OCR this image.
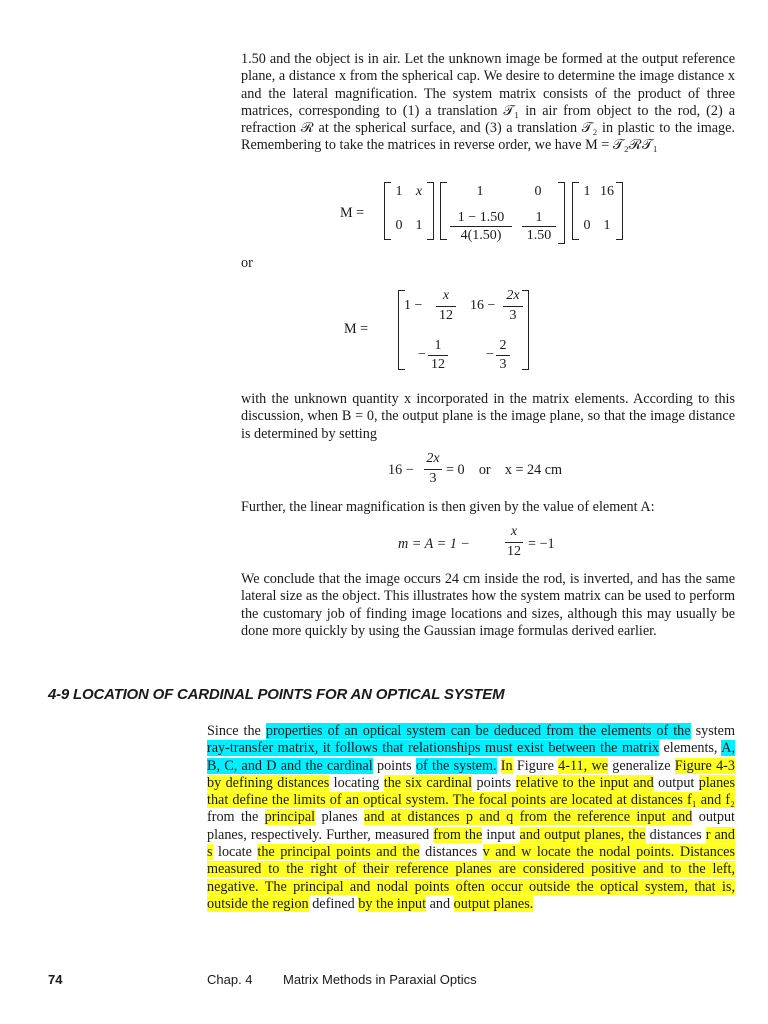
1.50 and the object is in air. Let the unknown image be formed at the output reference plane, a distance x from the spherical cap. We desire to determine the image distance x and the lateral magnification. The system matrix consists of the product of three matrices, corresponding to (1) a translation 𝒯₁ in air from object to the rod, (2) a refraction ℛ at the spherical surface, and (3) a translation 𝒯₂ in plastic to the image. Remembering to take the matrices in reverse order, we have M = 𝒯₂ℛ𝒯₁

M =
1 x
0 1
1	0
1 − 1.50
4(1.50)
1
1.50
1 16
0 1
or
M =
1 −
x
12
16 −
2x
3
−
1
12
−
2
3

with the unknown quantity x incorporated in the matrix elements. According to this discussion, when B = 0, the output plane is the image plane, so that the image distance is determined by setting

16 −
2x
3
= 0    or    x = 24 cm

Further, the linear magnification is then given by the value of element A:

m = A = 1 −
x
12 = −1

We conclude that the image occurs 24 cm inside the rod, is inverted, and has the same lateral size as the object. This illustrates how the system matrix can be used to perform the customary job of finding image locations and sizes, although this may usually be done more quickly by using the Gaussian image formulas derived earlier.

4-9 LOCATION OF CARDINAL POINTS FOR AN OPTICAL SYSTEM

Since the properties of an optical system can be deduced from the elements of the system ray-transfer matrix, it follows that relationships must exist between the matrix elements, A, B, C, and D and the cardinal points of the system. In Figure 4-11, we generalize Figure 4-3 by defining distances locating the six cardinal points relative to the input and output planes that define the limits of an optical system. The focal points are located at distances f₁ and f₂ from the principal planes and at distances p and q from the reference input and output planes, respectively. Further, measured from the input and output planes, the distances r and s locate the principal points and the distances v and w locate the nodal points. Distances measured to the right of their reference planes are considered positive and to the left, negative. The principal and nodal points often occur outside the optical system, that is, outside the region defined by the input and output planes.

74	Chap. 4 Matrix Methods in Paraxial Optics
